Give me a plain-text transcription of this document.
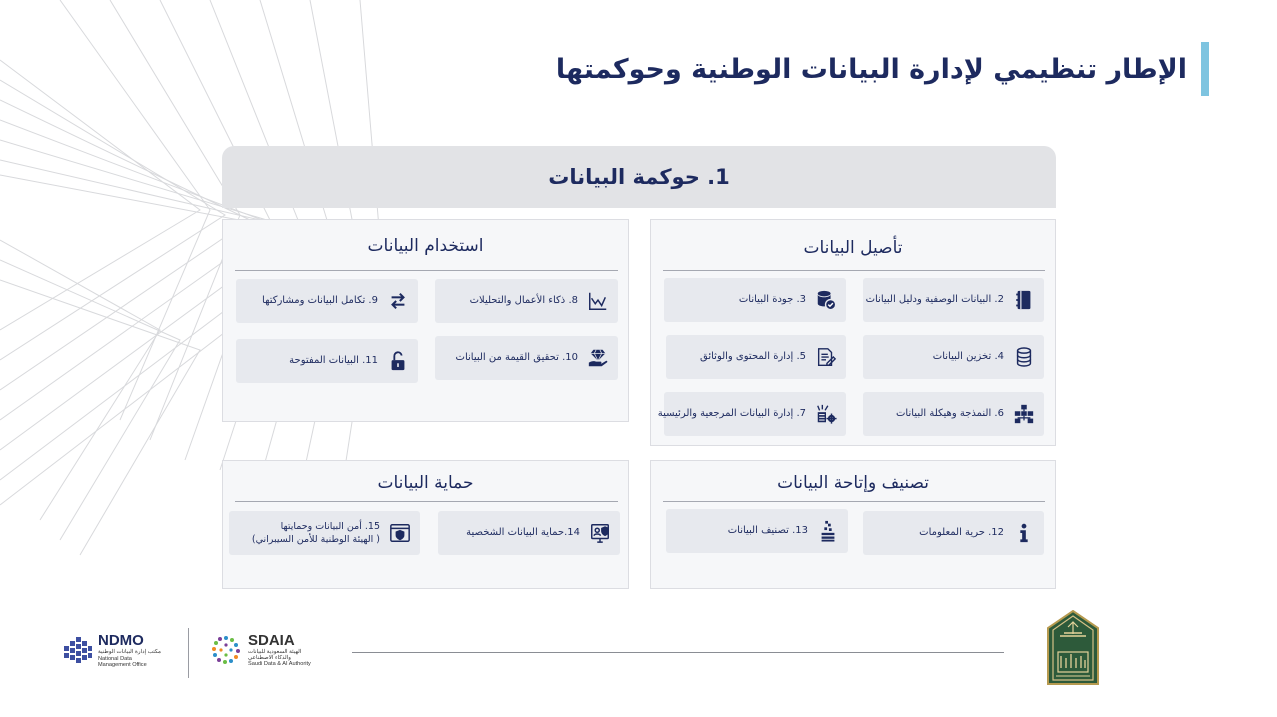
الإطار تنظيمي لإدارة البيانات الوطنية وحوكمتها
1. حوكمة البيانات
تأصيل البيانات
2. البيانات الوصفية ودليل البيانات
3. جودة البيانات
4. تخزين البيانات
5. إدارة المحتوى والوثائق
6. النمذجة وهيكلة البيانات
7. إدارة البيانات المرجعية والرئيسية
استخدام البيانات
8. ذكاء الأعمال والتحليلات
9. تكامل البيانات ومشاركتها
10. تحقيق القيمة من البيانات
11. البيانات المفتوحة
تصنيف وإتاحة البيانات
12. حرية المعلومات
13. تصنيف البيانات
حماية البيانات
14.حماية البيانات الشخصية
15. أمن البيانات وحمايتها
( الهيئة الوطنية للأمن السيبراني)
NDMO
مكتب إدارة البيانات الوطنية
National Data
Management Office
SDAIA
الهيئة السعودية للبيانات
والذكاء الاصطناعي
Saudi Data & AI Authority
